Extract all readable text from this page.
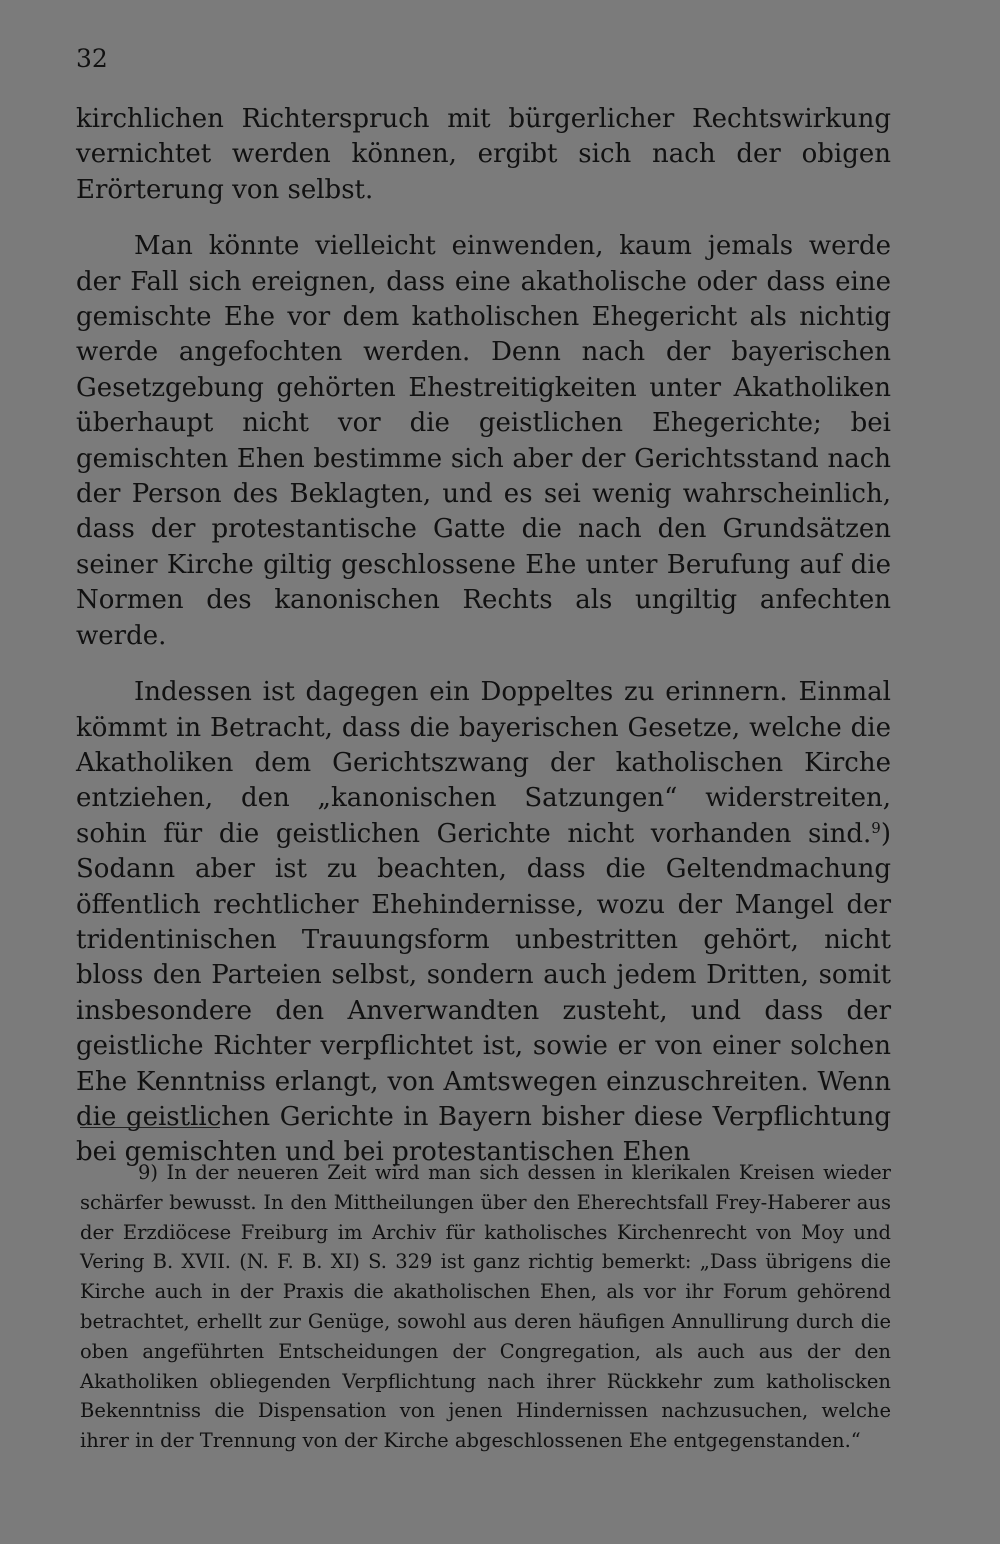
32

kirchlichen Richterspruch mit bürgerlicher Rechtswirkung vernichtet werden können, ergibt sich nach der obigen Erörterung von selbst.

Man könnte vielleicht einwenden, kaum jemals werde der Fall sich ereignen, dass eine akatholische oder dass eine gemischte Ehe vor dem katholischen Ehegericht als nichtig werde angefochten werden. Denn nach der bayerischen Gesetzgebung gehörten Ehestreitigkeiten unter Akatholiken überhaupt nicht vor die geistlichen Ehegerichte; bei gemischten Ehen bestimme sich aber der Gerichtsstand nach der Person des Beklagten, und es sei wenig wahrscheinlich, dass der protestantische Gatte die nach den Grundsätzen seiner Kirche giltig geschlossene Ehe unter Berufung auf die Normen des kanonischen Rechts als ungiltig anfechten werde.

Indessen ist dagegen ein Doppeltes zu erinnern. Einmal kömmt in Betracht, dass die bayerischen Gesetze, welche die Akatholiken dem Gerichtszwang der katholischen Kirche entziehen, den „kanonischen Satzungen“ widerstreiten, sohin für die geistlichen Gerichte nicht vorhanden sind.$^9$) Sodann aber ist zu beachten, dass die Geltendmachung öffentlich rechtlicher Ehehindernisse, wozu der Mangel der tridentinischen Trauungsform unbestritten gehört, nicht bloss den Parteien selbst, sondern auch jedem Dritten, somit insbesondere den Anverwandten zusteht, und dass der geistliche Richter verpflichtet ist, sowie er von einer solchen Ehe Kenntniss erlangt, von Amtswegen einzuschreiten. Wenn die geistlichen Gerichte in Bayern bisher diese Verpflichtung bei gemischten und bei protestantischen Ehen

9) In der neueren Zeit wird man sich dessen in klerikalen Kreisen wieder schärfer bewusst. In den Mittheilungen über den Eherechtsfall Frey-Haberer aus der Erzdiöcese Freiburg im Archiv für katholisches Kirchenrecht von Moy und Vering B. XVII. (N. F. B. XI) S. 329 ist ganz richtig bemerkt: „Dass übrigens die Kirche auch in der Praxis die akatholischen Ehen, als vor ihr Forum gehörend betrachtet, erhellt zur Genüge, sowohl aus deren häufigen Annullirung durch die oben angeführten Entscheidungen der Congregation, als auch aus der den Akatholiken obliegenden Verpflichtung nach ihrer Rückkehr zum katholiscken Bekenntniss die Dispensation von jenen Hindernissen nachzusuchen, welche ihrer in der Trennung von der Kirche abgeschlossenen Ehe entgegenstanden.“
